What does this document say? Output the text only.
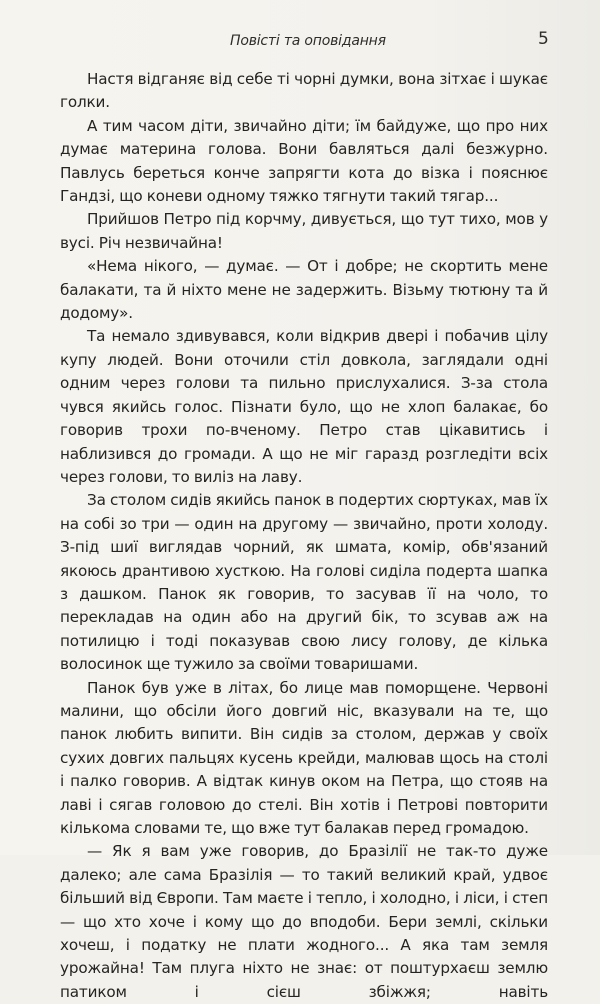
Повісті та оповідання	5

Настя відганяє від себе ті чорні думки, вона зітхає і шукає голки.

А тим часом діти, звичайно діти; їм байдуже, що про них думає материна голова. Вони бавляться далі безжурно. Павлусь береться конче запрягти кота до візка і пояснює Гандзі, що коневи одному тяжко тягнути такий тягар...

Прийшов Петро під корчму, дивується, що тут тихо, мов у вусі. Річ незвичайна!

«Нема нікого, — думає. — От і добре; не скортить мене балакати, та й ніхто мене не задержить. Візьму тютюну та й додому».

Та немало здивувався, коли відкрив двері і побачив цілу купу людей. Вони оточили стіл довкола, заглядали одні одним через голови та пильно прислухалися. З-за стола чувся якийсь голос. Пізнати було, що не хлоп балакає, бо говорив трохи по-вченому. Петро став цікавитись і наблизився до громади. А що не міг гаразд розгледіти всіх через голови, то виліз на лаву.

За столом сидів якийсь панок в подертих сюртуках, мав їх на собі зо три — один на другому — звичайно, проти холоду. З-під шиї виглядав чорний, як шмата, комір, обв'язаний якоюсь дрантивою хусткою. На голові сиділа подерта шапка з дашком. Панок як говорив, то засував її на чоло, то перекладав на один або на другий бік, то зсував аж на потилицю і тоді показував свою лису голову, де кілька волосинок ще тужило за своїми товаришами.

Панок був уже в літах, бо лице мав поморщене. Червоні малини, що обсіли його довгий ніс, вказували на те, що панок любить випити. Він сидів за столом, держав у своїх сухих довгих пальцях кусень крейди, малював щось на столі і палко говорив. А відтак кинув оком на Петра, що стояв на лаві і сягав головою до стелі. Він хотів і Петрові повторити кількома словами те, що вже тут балакав перед громадою.

— Як я вам уже говорив, до Бразілії не так-то дуже далеко; але сама Бразілія — то такий великий край, удвоє більший від Європи. Там маєте і тепло, і холодно, і ліси, і степ — що хто хоче і кому що до вподоби. Бери землі, скільки хочеш, і податку не плати жодного... А яка там земля урожайна! Там плуга ніхто не знає: от поштурхаєш землю патиком і сієш збіжжя; навіть
